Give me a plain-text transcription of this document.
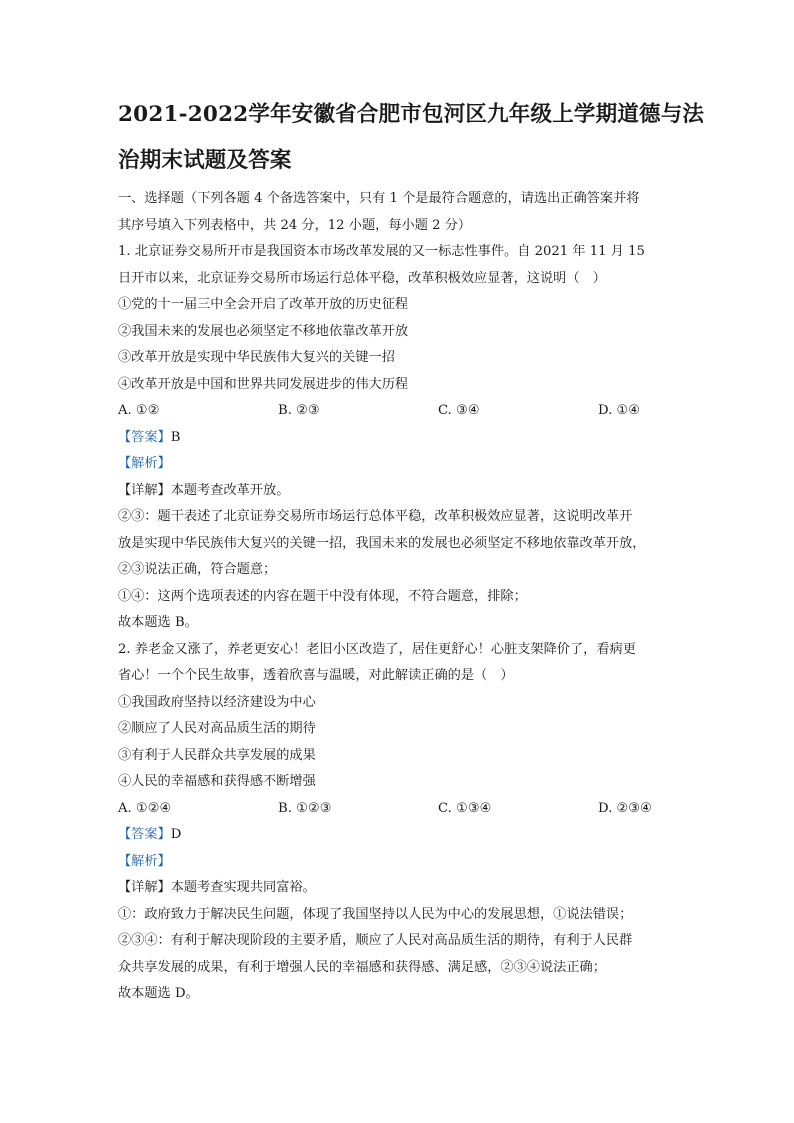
2021-2022学年安徽省合肥市包河区九年级上学期道德与法
治期末试题及答案
一、选择题（下列各题 4 个备选答案中，只有 1 个是最符合题意的，请选出正确答案并将
其序号填入下列表格中，共 24 分，12 小题，每小题 2 分）
1. 北京证券交易所开市是我国资本市场改革发展的又一标志性事件。自 2021 年 11 月 15
日开市以来，北京证券交易所市场运行总体平稳，改革积极效应显著，这说明（　）
①党的十一届三中全会开启了改革开放的历史征程
②我国未来的发展也必须坚定不移地依靠改革开放
③改革开放是实现中华民族伟大复兴的关键一招
④改革开放是中国和世界共同发展进步的伟大历程
A. ①②	B. ②③	C. ③④	D. ①④
【答案】B
【解析】
【详解】本题考查改革开放。
②③：题干表述了北京证券交易所市场运行总体平稳，改革积极效应显著，这说明改革开
放是实现中华民族伟大复兴的关键一招，我国未来的发展也必须坚定不移地依靠改革开放，
②③说法正确，符合题意；
①④：这两个选项表述的内容在题干中没有体现，不符合题意，排除；
故本题选 B。
2. 养老金又涨了，养老更安心！老旧小区改造了，居住更舒心！心脏支架降价了，看病更
省心！一个个民生故事，透着欣喜与温暖，对此解读正确的是（　）
①我国政府坚持以经济建设为中心
②顺应了人民对高品质生活的期待
③有利于人民群众共享发展的成果
④人民的幸福感和获得感不断增强
A. ①②④	B. ①②③	C. ①③④	D. ②③④
【答案】D
【解析】
【详解】本题考查实现共同富裕。
①：政府致力于解决民生问题，体现了我国坚持以人民为中心的发展思想，①说法错误；
②③④：有利于解决现阶段的主要矛盾，顺应了人民对高品质生活的期待，有利于人民群
众共享发展的成果，有利于增强人民的幸福感和获得感、满足感，②③④说法正确；
故本题选 D。
